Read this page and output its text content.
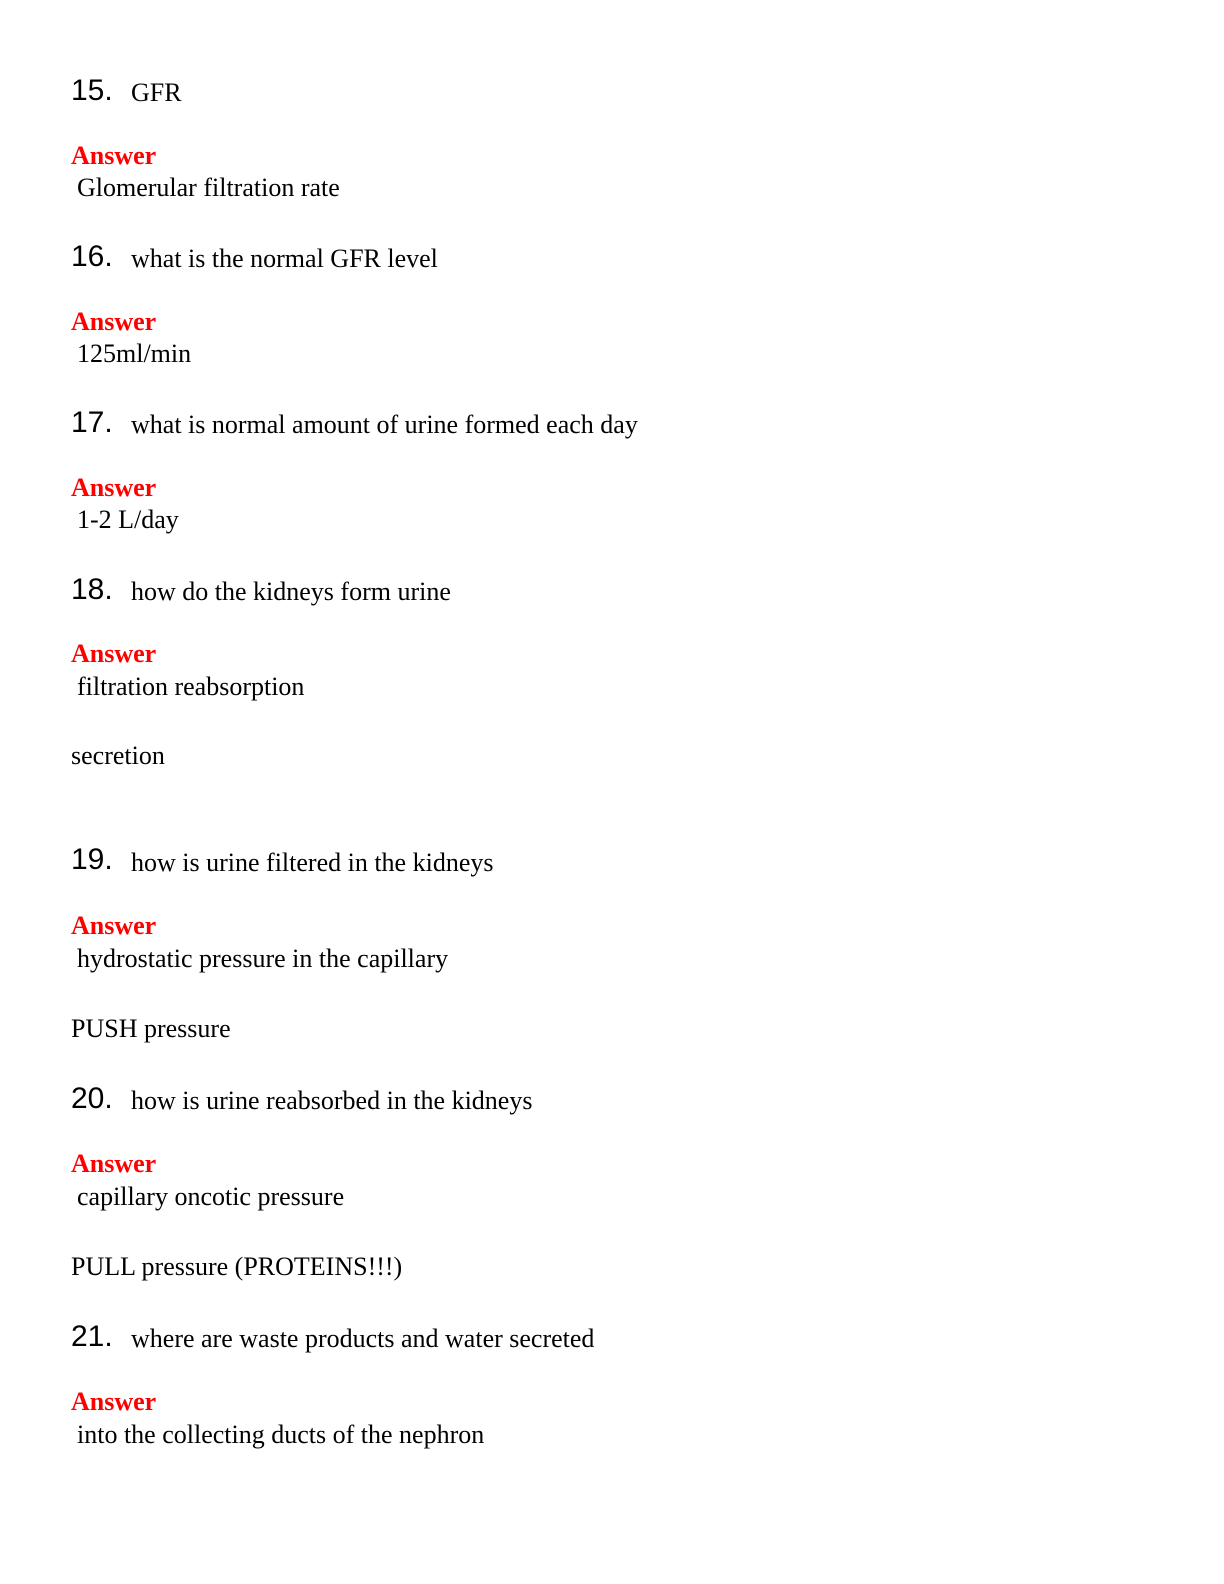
15. GFR
Answer
Glomerular filtration rate
16. what is the normal GFR level
Answer
125ml/min
17. what is normal amount of urine formed each day
Answer
1-2 L/day
18. how do the kidneys form urine
Answer
filtration reabsorption
secretion
19. how is urine filtered in the kidneys
Answer
hydrostatic pressure in the capillary
PUSH pressure
20. how is urine reabsorbed in the kidneys
Answer
capillary oncotic pressure
PULL pressure (PROTEINS!!!)
21. where are waste products and water secreted
Answer
into the collecting ducts of the nephron
